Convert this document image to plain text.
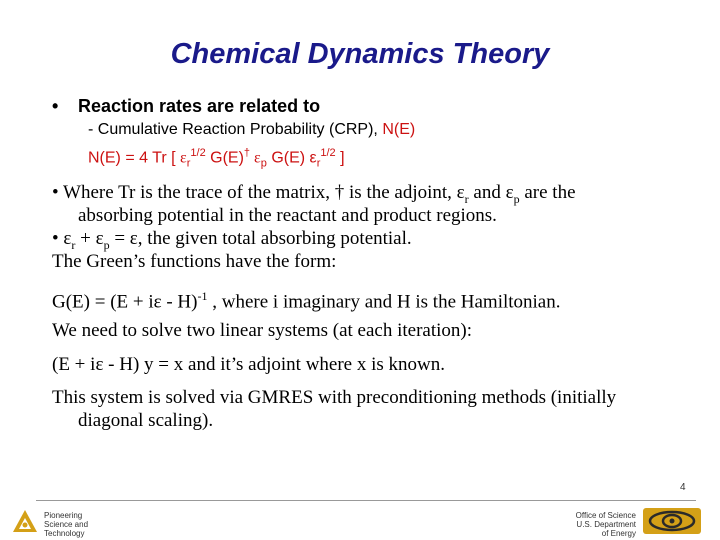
Chemical Dynamics Theory
• Reaction rates are related to
- Cumulative Reaction Probability (CRP), N(E)
N(E) = 4 Tr [ $\varepsilon_r^{1/2}$ G(E)† $\varepsilon_p$ G(E) $\varepsilon_r^{1/2}$ ]
• Where Tr is the trace of the matrix, † is the adjoint, $\varepsilon_r$ and $\varepsilon_p$ are the
absorbing potential in the reactant and product regions.
• $\varepsilon_r + \varepsilon_p = \varepsilon$, the given total absorbing potential.
The Green’s functions have the form:
$G(E) = (E + i\varepsilon - H)^{-1}$ , where i imaginary and H is the Hamiltonian.
We need to solve two linear systems (at each iteration):
(E + iε - H) y = x and it’s adjoint where x is known.
This system is solved via GMRES with preconditioning methods (initially
diagonal scaling).
4
Pioneering
Science and
Technology
Office of Science
U.S. Department
of Energy
